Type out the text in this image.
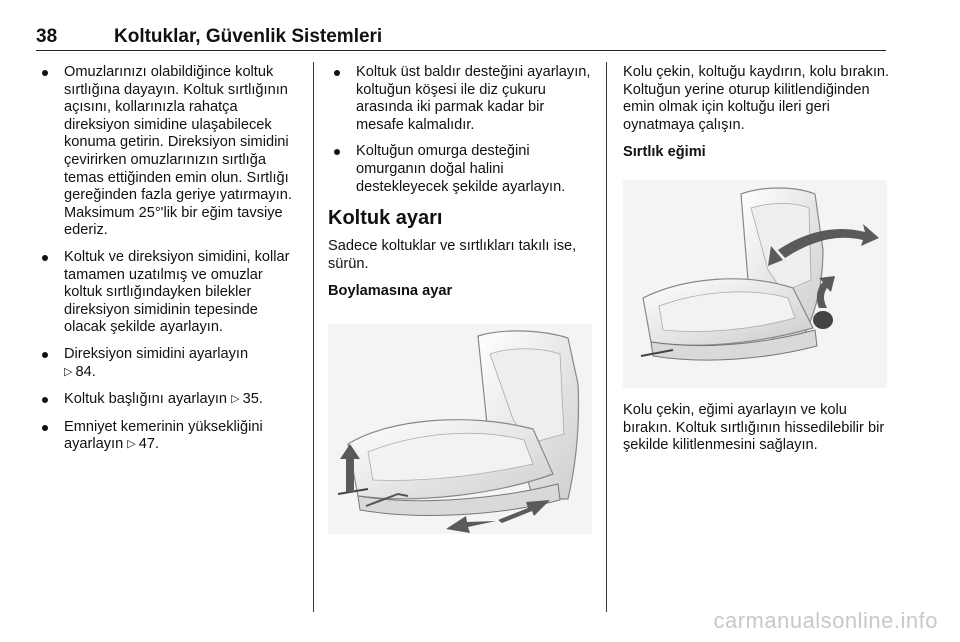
38	Koltuklar, Güvenlik Sistemleri
Omuzlarınızı olabildiğince koltuk sırtlığına dayayın. Koltuk sırtlığının açısını, kollarınızla rahatça direksiyon simidine ulaşabilecek konuma getirin. Direksiyon simidini çevirirken omuzlarınızın sırtlığa temas ettiğinden emin olun. Sırtlığı gereğinden fazla geriye yatırmayın. Maksimum 25°'lik bir eğim tavsiye ederiz.
Koltuk ve direksiyon simidini, kollar tamamen uzatılmış ve omuzlar koltuk sırtlığındayken bilekler direksiyon simidinin tepesinde olacak şekilde ayarlayın.
Direksiyon simidini ayarlayın
▷ 84.
Koltuk başlığını ayarlayın ▷ 35.
Emniyet kemerinin yüksekliğini ayarlayın ▷ 47.
Koltuk üst baldır desteğini ayarlayın, koltuğun köşesi ile diz çukuru arasında iki parmak kadar bir mesafe kalmalıdır.
Koltuğun omurga desteğini omurganın doğal halini destekleyecek şekilde ayarlayın.
Koltuk ayarı

Sadece koltuklar ve sırtlıkları takılı ise, sürün.

Boylamasına ayar

Kolu çekin, koltuğu kaydırın, kolu bırakın. Koltuğun yerine oturup kilitlendiğinden emin olmak için koltuğu ileri geri oynatmaya çalışın.

Sırtlık eğimi

Kolu çekin, eğimi ayarlayın ve kolu bırakın. Koltuk sırtlığının hissedilebilir bir şekilde kilitlenmesini sağlayın.

carmanualsonline.info
